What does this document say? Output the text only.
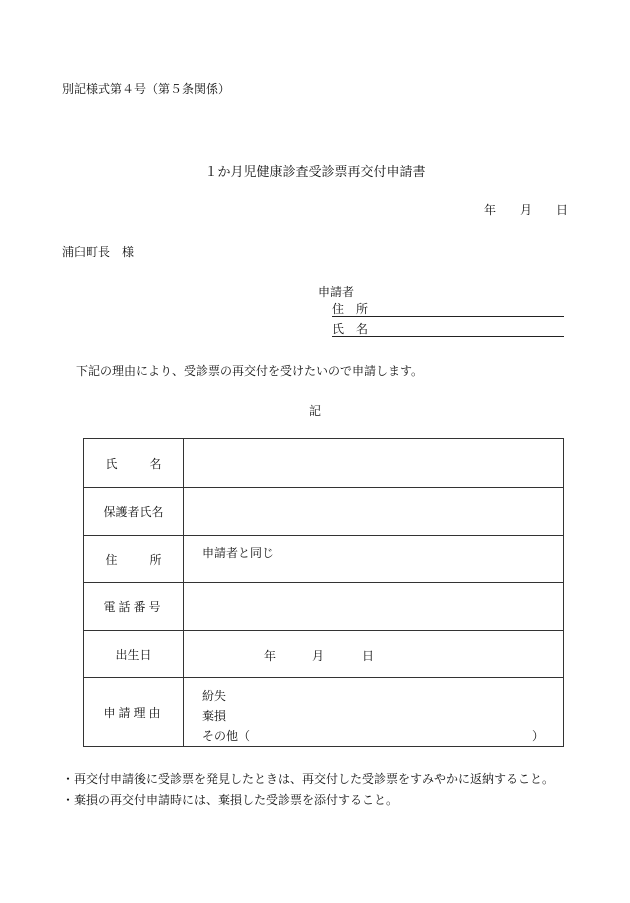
別記様式第４号（第５条関係）
１か月児健康診査受診票再交付申請書
年 月 日
浦臼町長　様
申請者
住　所
氏　名
下記の理由により、受診票の再交付を受けたいので申請します。
記
氏 名	

保護者氏名	

住 所	申請者と同じ

電話番号	
出生日	年 月 日

申請理由	紛失
棄損
その他（ ）
・再交付申請後に受診票を発見したときは、再交付した受診票をすみやかに返納すること。
・棄損の再交付申請時には、棄損した受診票を添付すること。
